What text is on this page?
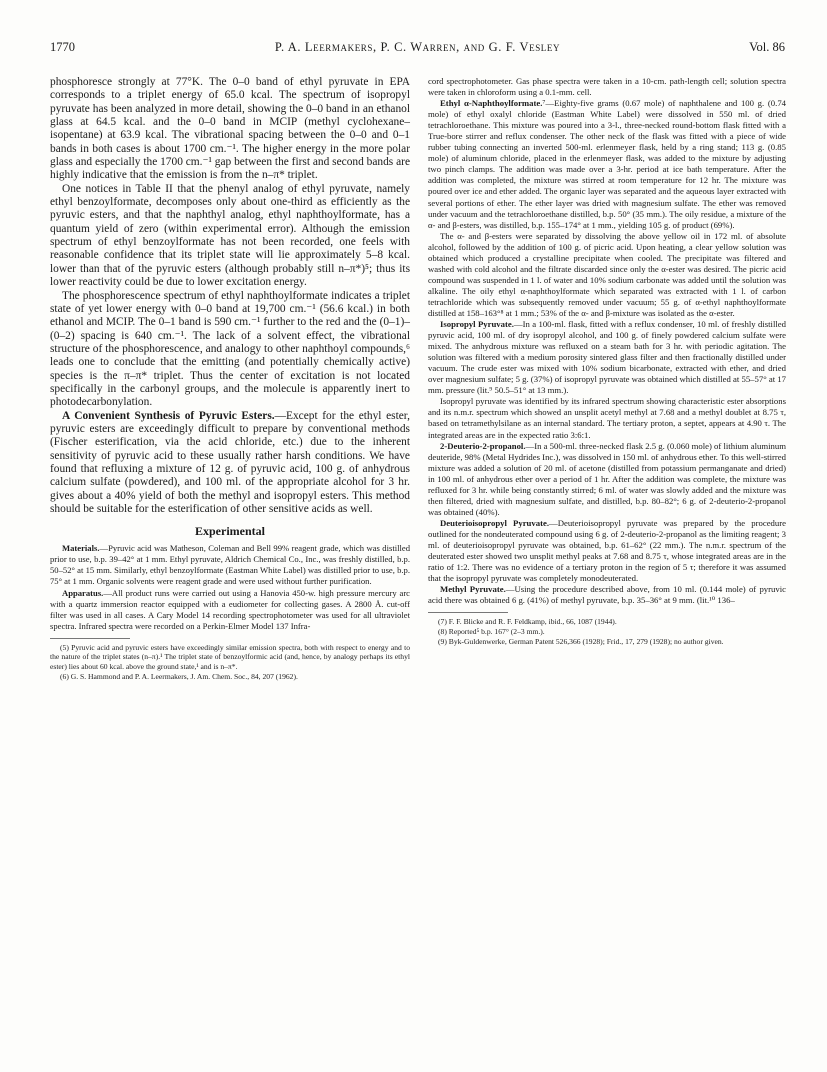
1770	P. A. Leermakers, P. C. Warren, and G. F. Vesley	Vol. 86

phosphoresce strongly at 77°K. The 0–0 band of ethyl pyruvate in EPA corresponds to a triplet energy of 65.0 kcal. The spectrum of isopropyl pyruvate has been analyzed in more detail, showing the 0–0 band in an ethanol glass at 64.5 kcal. and the 0–0 band in MCIP (methyl cyclohexane–isopentane) at 63.9 kcal. The vibrational spacing between the 0–0 and 0–1 bands in both cases is about 1700 cm.⁻¹. The higher energy in the more polar glass and especially the 1700 cm.⁻¹ gap between the first and second bands are highly indicative that the emission is from the n–π* triplet.

One notices in Table II that the phenyl analog of ethyl pyruvate, namely ethyl benzoylformate, decomposes only about one-third as efficiently as the pyruvic esters, and that the naphthyl analog, ethyl naphthoylformate, has a quantum yield of zero (within experimental error). Although the emission spectrum of ethyl benzoylformate has not been recorded, one feels with reasonable confidence that its triplet state will lie approximately 5–8 kcal. lower than that of the pyruvic esters (although probably still n–π*)⁵; thus its lower reactivity could be due to lower excitation energy.

The phosphorescence spectrum of ethyl naphthoylformate indicates a triplet state of yet lower energy with 0–0 band at 19,700 cm.⁻¹ (56.6 kcal.) in both ethanol and MCIP. The 0–1 band is 590 cm.⁻¹ further to the red and the (0–1)–(0–2) spacing is 640 cm.⁻¹. The lack of a solvent effect, the vibrational structure of the phosphorescence, and analogy to other naphthoyl compounds,⁶ leads one to conclude that the emitting (and potentially chemically active) species is the π–π* triplet. Thus the center of excitation is not located specifically in the carbonyl groups, and the molecule is apparently inert to photodecarbonylation.

A Convenient Synthesis of Pyruvic Esters.—Except for the ethyl ester, pyruvic esters are exceedingly difficult to prepare by conventional methods (Fischer esterification, via the acid chloride, etc.) due to the inherent sensitivity of pyruvic acid to these usually rather harsh conditions. We have found that refluxing a mixture of 12 g. of pyruvic acid, 100 g. of anhydrous calcium sulfate (powdered), and 100 ml. of the appropriate alcohol for 3 hr. gives about a 40% yield of both the methyl and isopropyl esters. This method should be suitable for the esterification of other sensitive acids as well.

Experimental

Materials.—Pyruvic acid was Matheson, Coleman and Bell 99% reagent grade, which was distilled prior to use, b.p. 39–42° at 1 mm. Ethyl pyruvate, Aldrich Chemical Co., Inc., was freshly distilled, b.p. 50–52° at 15 mm. Similarly, ethyl benzoylformate (Eastman White Label) was distilled prior to use, b.p. 75° at 1 mm. Organic solvents were reagent grade and were used without further purification.

Apparatus.—All product runs were carried out using a Hanovia 450-w. high pressure mercury arc with a quartz immersion reactor equipped with a eudiometer for collecting gases. A 2800 Å. cut-off filter was used in all cases. A Cary Model 14 recording spectrophotometer was used for all ultraviolet spectra. Infrared spectra were recorded on a Perkin-Elmer Model 137 Infra-

(5) Pyruvic acid and pyruvic esters have exceedingly similar emission spectra, both with respect to energy and to the nature of the triplet states (n–π).¹ The triplet state of benzoylformic acid (and, hence, by analogy perhaps its ethyl ester) lies about 60 kcal. above the ground state,¹ and is n–π*.

(6) G. S. Hammond and P. A. Leermakers, J. Am. Chem. Soc., 84, 207 (1962).

cord spectrophotometer. Gas phase spectra were taken in a 10-cm. path-length cell; solution spectra were taken in chloroform using a 0.1-mm. cell.

Ethyl α-Naphthoylformate.⁷—Eighty-five grams (0.67 mole) of naphthalene and 100 g. (0.74 mole) of ethyl oxalyl chloride (Eastman White Label) were dissolved in 550 ml. of dried tetrachloroethane. This mixture was poured into a 3-l., three-necked round-bottom flask fitted with a True-bore stirrer and reflux condenser. The other neck of the flask was fitted with a piece of wide rubber tubing connecting an inverted 500-ml. erlenmeyer flask, held by a ring stand; 113 g. (0.85 mole) of aluminum chloride, placed in the erlenmeyer flask, was added to the mixture by adjusting two pinch clamps. The addition was made over a 3-hr. period at ice bath temperature. After the addition was completed, the mixture was stirred at room temperature for 12 hr. The mixture was poured over ice and ether added. The organic layer was separated and the aqueous layer extracted with several portions of ether. The ether layer was dried with magnesium sulfate. The ether was removed under vacuum and the tetrachloroethane distilled, b.p. 50° (35 mm.). The oily residue, a mixture of the α- and β-esters, was distilled, b.p. 155–174° at 1 mm., yielding 105 g. of product (69%).

The α- and β-esters were separated by dissolving the above yellow oil in 172 ml. of absolute alcohol, followed by the addition of 100 g. of picric acid. Upon heating, a clear yellow solution was obtained which produced a crystalline precipitate when cooled. The precipitate was filtered and washed with cold alcohol and the filtrate discarded since only the α-ester was desired. The picric acid compound was suspended in 1 l. of water and 10% sodium carbonate was added until the solution was alkaline. The oily ethyl α-naphthoylformate which separated was extracted with 1 l. of carbon tetrachloride which was subsequently removed under vacuum; 55 g. of α-ethyl naphthoylformate distilled at 158–163°⁸ at 1 mm.; 53% of the α- and β-mixture was isolated as the α-ester.

Isopropyl Pyruvate.—In a 100-ml. flask, fitted with a reflux condenser, 10 ml. of freshly distilled pyruvic acid, 100 ml. of dry isopropyl alcohol, and 100 g. of finely powdered calcium sulfate were mixed. The anhydrous mixture was refluxed on a steam bath for 3 hr. with periodic agitation. The solution was filtered with a medium porosity sintered glass filter and then fractionally distilled under vacuum. The crude ester was mixed with 10% sodium bicarbonate, extracted with ether, and dried over magnesium sulfate; 5 g. (37%) of isopropyl pyruvate was obtained which distilled at 55–57° at 17 mm. pressure (lit.⁹ 50.5–51° at 13 mm.).

Isopropyl pyruvate was identified by its infrared spectrum showing characteristic ester absorptions and its n.m.r. spectrum which showed an unsplit acetyl methyl at 7.68 and a methyl doublet at 8.75 τ, based on tetramethylsilane as an internal standard. The tertiary proton, a septet, appears at 4.90 τ. The integrated areas are in the expected ratio 3:6:1.

2-Deuterio-2-propanol.—In a 500-ml. three-necked flask 2.5 g. (0.060 mole) of lithium aluminum deuteride, 98% (Metal Hydrides Inc.), was dissolved in 150 ml. of anhydrous ether. To this well-stirred mixture was added a solution of 20 ml. of acetone (distilled from potassium permanganate and dried) in 100 ml. of anhydrous ether over a period of 1 hr. After the addition was complete, the mixture was refluxed for 3 hr. while being constantly stirred; 6 ml. of water was slowly added and the mixture was then filtered, dried with magnesium sulfate, and distilled, b.p. 80–82°; 6 g. of 2-deuterio-2-propanol was obtained (40%).

Deuterioisopropyl Pyruvate.—Deuterioisopropyl pyruvate was prepared by the procedure outlined for the nondeuterated compound using 6 g. of 2-deuterio-2-propanol as the limiting reagent; 3 ml. of deuterioisopropyl pyruvate was obtained, b.p. 61–62° (22 mm.). The n.m.r. spectrum of the deuterated ester showed two unsplit methyl peaks at 7.68 and 8.75 τ, whose integrated areas are in the ratio of 1:2. There was no evidence of a tertiary proton in the region of 5 τ; therefore it was assumed that the isopropyl pyruvate was completely monodeuterated.

Methyl Pyruvate.—Using the procedure described above, from 10 ml. (0.144 mole) of pyruvic acid there was obtained 6 g. (41%) of methyl pyruvate, b.p. 35–36° at 9 mm. (lit.¹⁰ 136–

(7) F. F. Blicke and R. F. Feldkamp, ibid., 66, 1087 (1944).

(8) Reported⁵ b.p. 167° (2–3 mm.).

(9) Byk-Guldenwerke, German Patent 526,366 (1928); Frid., 17, 279 (1928); no author given.
